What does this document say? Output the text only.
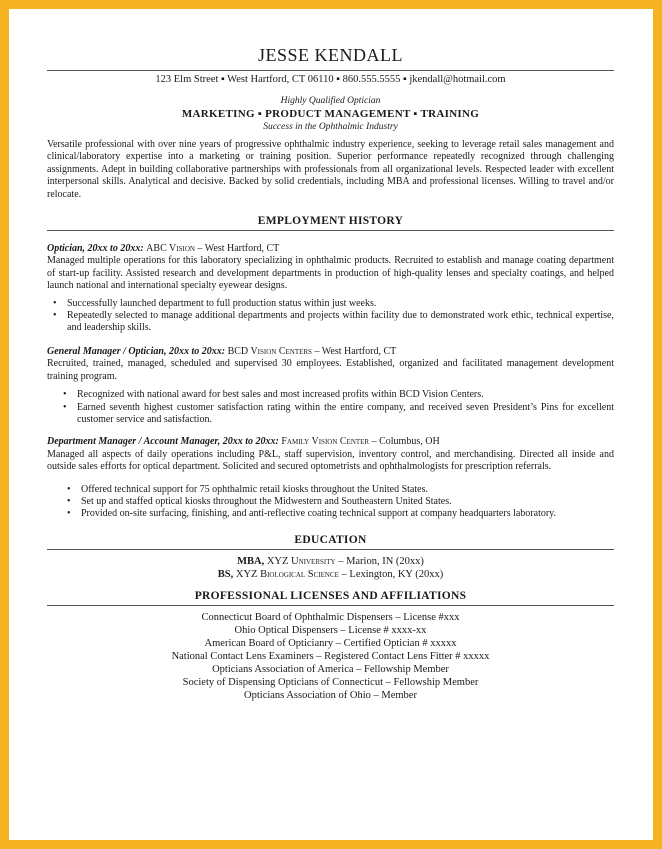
JESSE KENDALL
123 Elm Street ▪ West Hartford, CT 06110 ▪ 860.555.5555 ▪ jkendall@hotmail.com
Highly Qualified Optician
MARKETING ▪ PRODUCT MANAGEMENT ▪ TRAINING
Success in the Ophthalmic Industry
Versatile professional with over nine years of progressive ophthalmic industry experience, seeking to leverage retail sales management and clinical/laboratory expertise into a marketing or training position. Superior performance repeatedly recognized through challenging assignments. Adept in building collaborative partnerships with professionals from all organizational levels. Respected leader with excellent interpersonal skills. Analytical and decisive. Backed by solid credentials, including MBA and professional licenses. Willing to travel and/or relocate.
EMPLOYMENT HISTORY
Optician, 20xx to 20xx: ABC Vision – West Hartford, CT
Managed multiple operations for this laboratory specializing in ophthalmic products. Recruited to establish and manage coating department of start-up facility. Assisted research and development departments in production of high-quality lenses and specialty coatings, and helped launch national and international specialty eyewear designs.
• Successfully launched department to full production status within just weeks.
• Repeatedly selected to manage additional departments and projects within facility due to demonstrated work ethic, technical expertise, and leadership skills.
General Manager / Optician, 20xx to 20xx: BCD Vision Centers – West Hartford, CT
Recruited, trained, managed, scheduled and supervised 30 employees. Established, organized and facilitated management development training program.
• Recognized with national award for best sales and most increased profits within BCD Vision Centers.
• Earned seventh highest customer satisfaction rating within the entire company, and received seven President’s Pins for excellent customer service and satisfaction.
Department Manager / Account Manager, 20xx to 20xx: Family Vision Center – Columbus, OH
Managed all aspects of daily operations including P&L, staff supervision, inventory control, and merchandising. Directed all inside and outside sales efforts for optical department. Solicited and secured optometrists and ophthalmologists for prescription referrals.
• Offered technical support for 75 ophthalmic retail kiosks throughout the United States.
• Set up and staffed optical kiosks throughout the Midwestern and Southeastern United States.
• Provided on-site surfacing, finishing, and anti-reflective coating technical support at company headquarters laboratory.
EDUCATION
MBA, XYZ University – Marion, IN (20xx)
BS, XYZ Biological Science – Lexington, KY (20xx)
PROFESSIONAL LICENSES AND AFFILIATIONS
Connecticut Board of Ophthalmic Dispensers – License #xxx
Ohio Optical Dispensers – License # xxxx-xx
American Board of Opticianry – Certified Optician # xxxxx
National Contact Lens Examiners – Registered Contact Lens Fitter # xxxxx
Opticians Association of America – Fellowship Member
Society of Dispensing Opticians of Connecticut – Fellowship Member
Opticians Association of Ohio – Member
